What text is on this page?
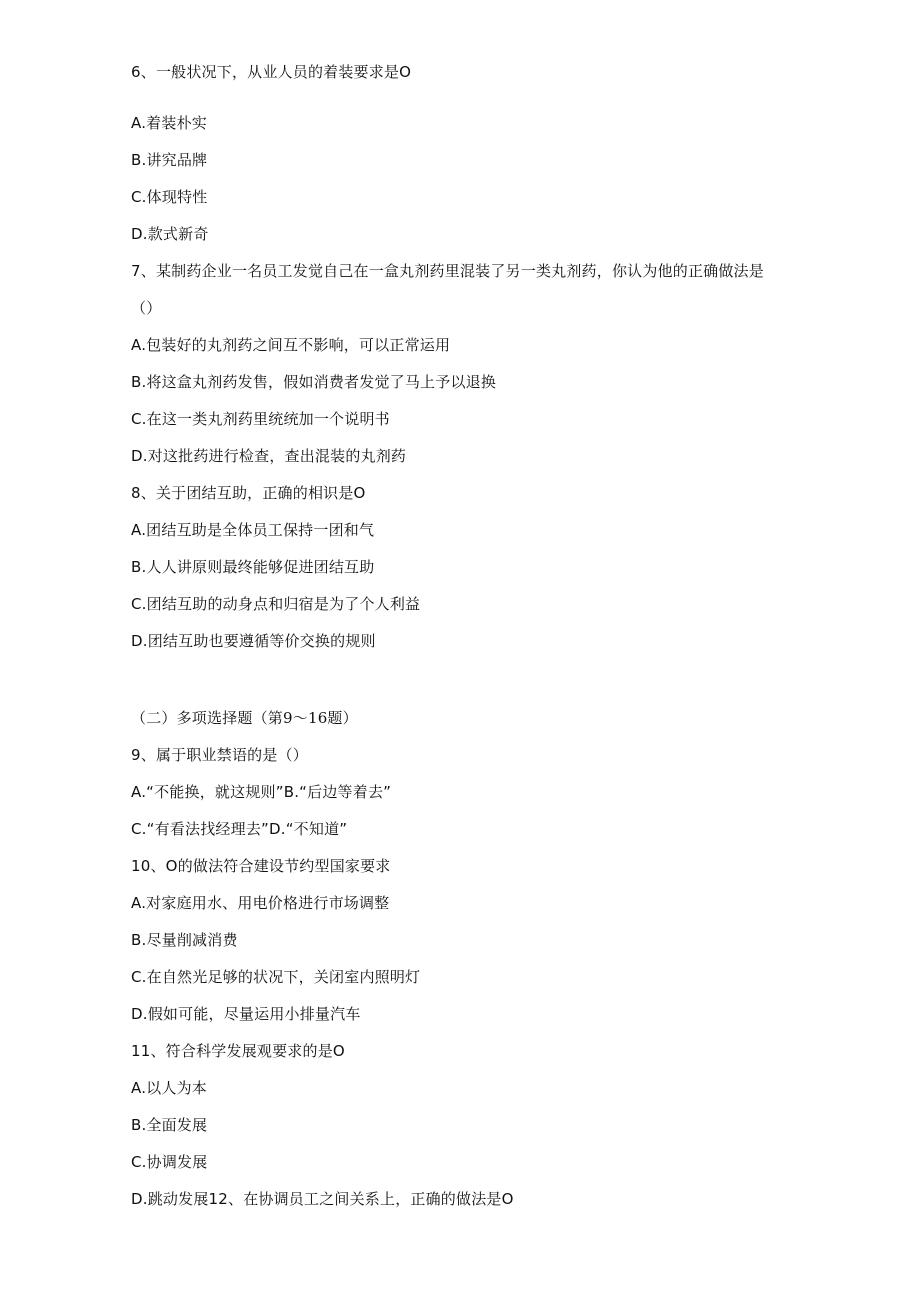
6、一般状况下，从业人员的着装要求是O
A.着装朴实
B.讲究品牌
C.体现特性
D.款式新奇
7、某制药企业一名员工发觉自己在一盒丸剂药里混装了另一类丸剂药，你认为他的正确做法是
（）
A.包装好的丸剂药之间互不影响，可以正常运用
B.将这盒丸剂药发售，假如消费者发觉了马上予以退换
C.在这一类丸剂药里统统加一个说明书
D.对这批药进行检查，查出混装的丸剂药
8、关于团结互助，正确的相识是O
A.团结互助是全体员工保持一团和气
B.人人讲原则最终能够促进团结互助
C.团结互助的动身点和归宿是为了个人利益
D.团结互助也要遵循等价交换的规则
（二）多项选择题（第9～16题）
9、属于职业禁语的是（）
A.“不能换，就这规则”B.“后边等着去”
C.“有看法找经理去”D.“不知道”
10、O的做法符合建设节约型国家要求
A.对家庭用水、用电价格进行市场调整
B.尽量削减消费
C.在自然光足够的状况下，关闭室内照明灯
D.假如可能，尽量运用小排量汽车
11、符合科学发展观要求的是O
A.以人为本
B.全面发展
C.协调发展
D.跳动发展12、在协调员工之间关系上，正确的做法是O
